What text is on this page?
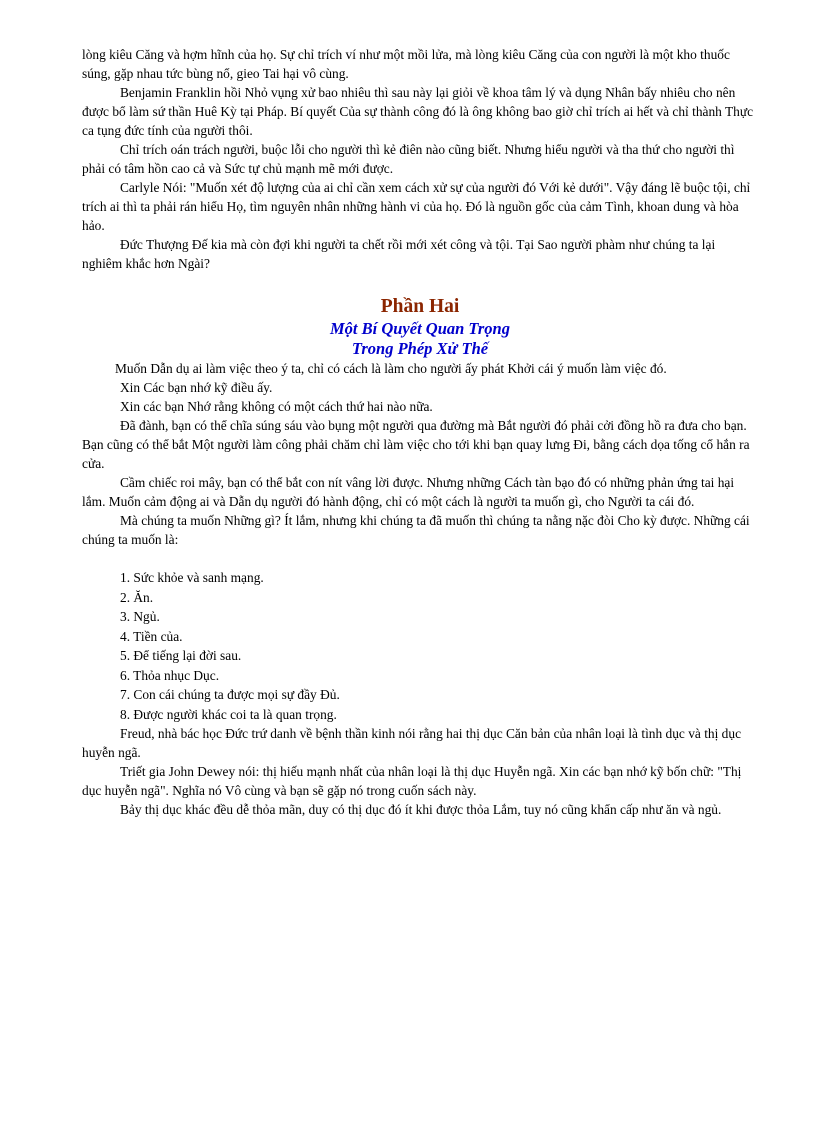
lòng kiêu Căng và hợm hĩnh của họ. Sự chỉ trích ví như một mồi lửa, mà lòng kiêu Căng của con người là một kho thuốc súng, gặp nhau tức bùng nổ, gieo Tai hại vô cùng.

Benjamin Franklin hồi Nhỏ vụng xử bao nhiêu thì sau này lại giỏi về khoa tâm lý và dụng Nhân bấy nhiêu cho nên được bổ làm sứ thần Huê Kỳ tại Pháp. Bí quyết Của sự thành công đó là ông không bao giờ chỉ trích ai hết và chỉ thành Thực ca tụng đức tính của người thôi.

Chỉ trích oán trách người, buộc lỗi cho người thì kẻ điên nào cũng biết. Nhưng hiểu người và tha thứ cho người thì phải có tâm hồn cao cả và Sức tự chủ mạnh mẽ mới được.

Carlyle Nói: "Muốn xét độ lượng của ai chỉ cần xem cách xử sự của người đó Với kẻ dưới". Vậy đáng lẽ buộc tội, chỉ trích ai thì ta phải rán hiểu Họ, tìm nguyên nhân những hành vi của họ. Đó là nguồn gốc của cảm Tình, khoan dung và hòa hảo.

Đức Thượng Đế kia mà còn đợi khi người ta chết rồi mới xét công và tội. Tại Sao người phàm như chúng ta lại nghiêm khắc hơn Ngài?

Phần Hai
Một Bí Quyết Quan Trọng
Trong Phép Xử Thế

Muốn Dẫn dụ ai làm việc theo ý ta, chỉ có cách là làm cho người ấy phát Khởi cái ý muốn làm việc đó.

Xin Các bạn nhớ kỹ điều ấy.

Xin các bạn Nhớ rằng không có một cách thứ hai nào nữa.

Đã đành, bạn có thể chĩa súng sáu vào bụng một người qua đường mà Bắt người đó phải cởi đồng hồ ra đưa cho bạn. Bạn cũng có thể bắt Một người làm công phải chăm chỉ làm việc cho tới khi bạn quay lưng Đi, bằng cách dọa tống cổ hắn ra cửa.

Cầm chiếc roi mây, bạn có thể bắt con nít vâng lời được. Nhưng những Cách tàn bạo đó có những phản ứng tai hại lắm. Muốn cảm động ai và Dẫn dụ người đó hành động, chỉ có một cách là người ta muốn gì, cho Người ta cái đó.

Mà chúng ta muốn Những gì? Ít lắm, nhưng khi chúng ta đã muốn thì chúng ta nằng nặc đòi Cho kỳ được. Những cái chúng ta muốn là:

1. Sức khỏe và sanh mạng.
2. Ăn.
3. Ngủ.
4. Tiền của.
5. Để tiếng lại đời sau.
6. Thỏa nhục Dục.
7. Con cái chúng ta được mọi sự đầy Đủ.
8. Được người khác coi ta là quan trọng.

Freud, nhà bác học Đức trứ danh về bệnh thần kinh nói rằng hai thị dục Căn bản của nhân loại là tình dục và thị dục huyễn ngã.

Triết gia John Dewey nói: thị hiếu mạnh nhất của nhân loại là thị dục Huyễn ngã. Xin các bạn nhớ kỹ bốn chữ: "Thị dục huyễn ngã". Nghĩa nó Vô cùng và bạn sẽ gặp nó trong cuốn sách này.

Bảy thị dục khác đều dễ thỏa mãn, duy có thị dục đó ít khi được thỏa Lắm, tuy nó cũng khẩn cấp như ăn và ngủ.
